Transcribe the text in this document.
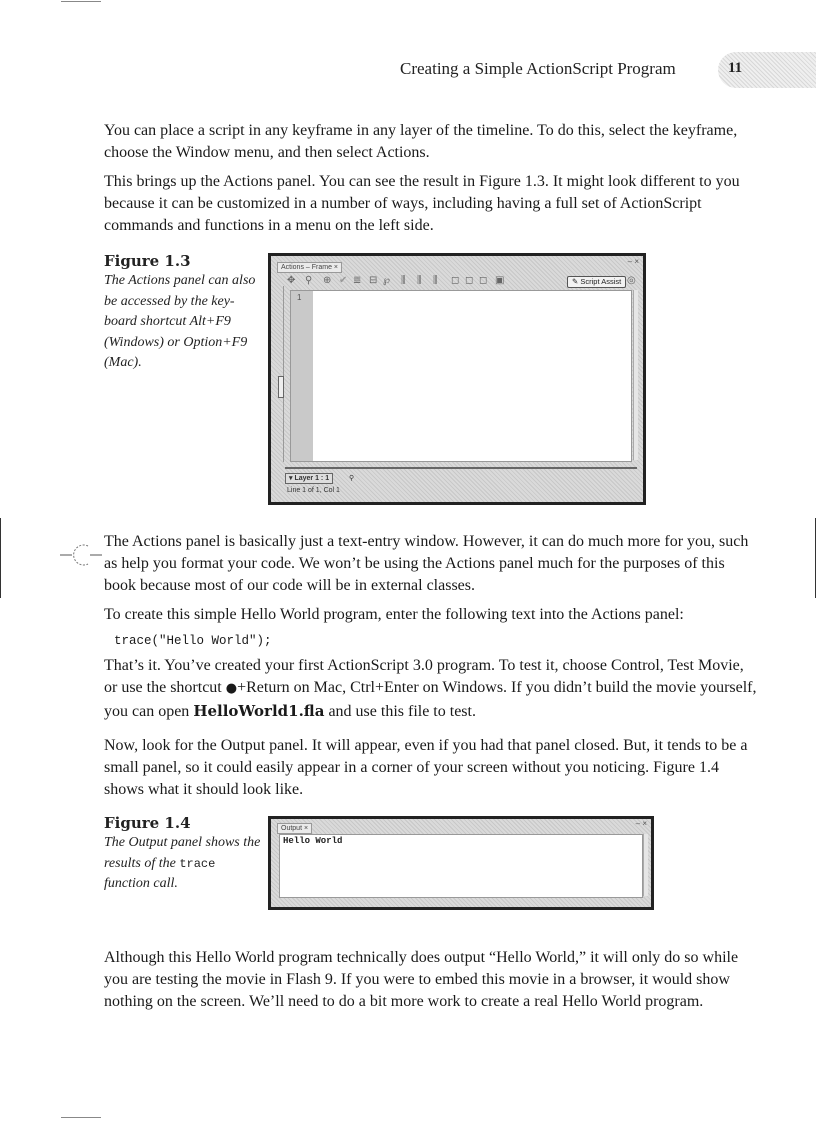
Creating a Simple ActionScript Program	11
You can place a script in any keyframe in any layer of the timeline. To do this, select the keyframe, choose the Window menu, and then select Actions.
This brings up the Actions panel. You can see the result in Figure 1.3. It might look different to you because it can be customized in a number of ways, including having a full set of ActionScript commands and functions in a menu on the left side.
Figure 1.3
The Actions panel can also be accessed by the key-board shortcut Alt+F9 (Windows) or Option+F9 (Mac).
Actions – Frame ×
– ×
✥ ⚲ ⊕ ✔ ≣ ⊟ ℘ ⫼ ⫼ ⫼ ◻ ◻ ◻ ▣	✎ Script Assist ◎
1
▾ Layer 1 : 1	⚲
Line 1 of 1, Col 1
The Actions panel is basically just a text-entry window. However, it can do much more for you, such as help you format your code. We won’t be using the Actions panel much for the purposes of this book because most of our code will be in external classes.
To create this simple Hello World program, enter the following text into the Actions panel:
trace("Hello World");
That’s it. You’ve created your first ActionScript 3.0 program. To test it, choose Control, Test Movie, or use the shortcut ●+Return on Mac, Ctrl+Enter on Windows. If you didn’t build the movie yourself, you can open HelloWorld1.fla and use this file to test.
Now, look for the Output panel. It will appear, even if you had that panel closed. But, it tends to be a small panel, so it could easily appear in a corner of your screen without you noticing. Figure 1.4 shows what it should look like.
Figure 1.4
The Output panel shows the results of the trace function call.
Output ×
– ×
Hello World
Although this Hello World program technically does output “Hello World,” it will only do so while you are testing the movie in Flash 9. If you were to embed this movie in a browser, it would show nothing on the screen. We’ll need to do a bit more work to create a real Hello World program.
